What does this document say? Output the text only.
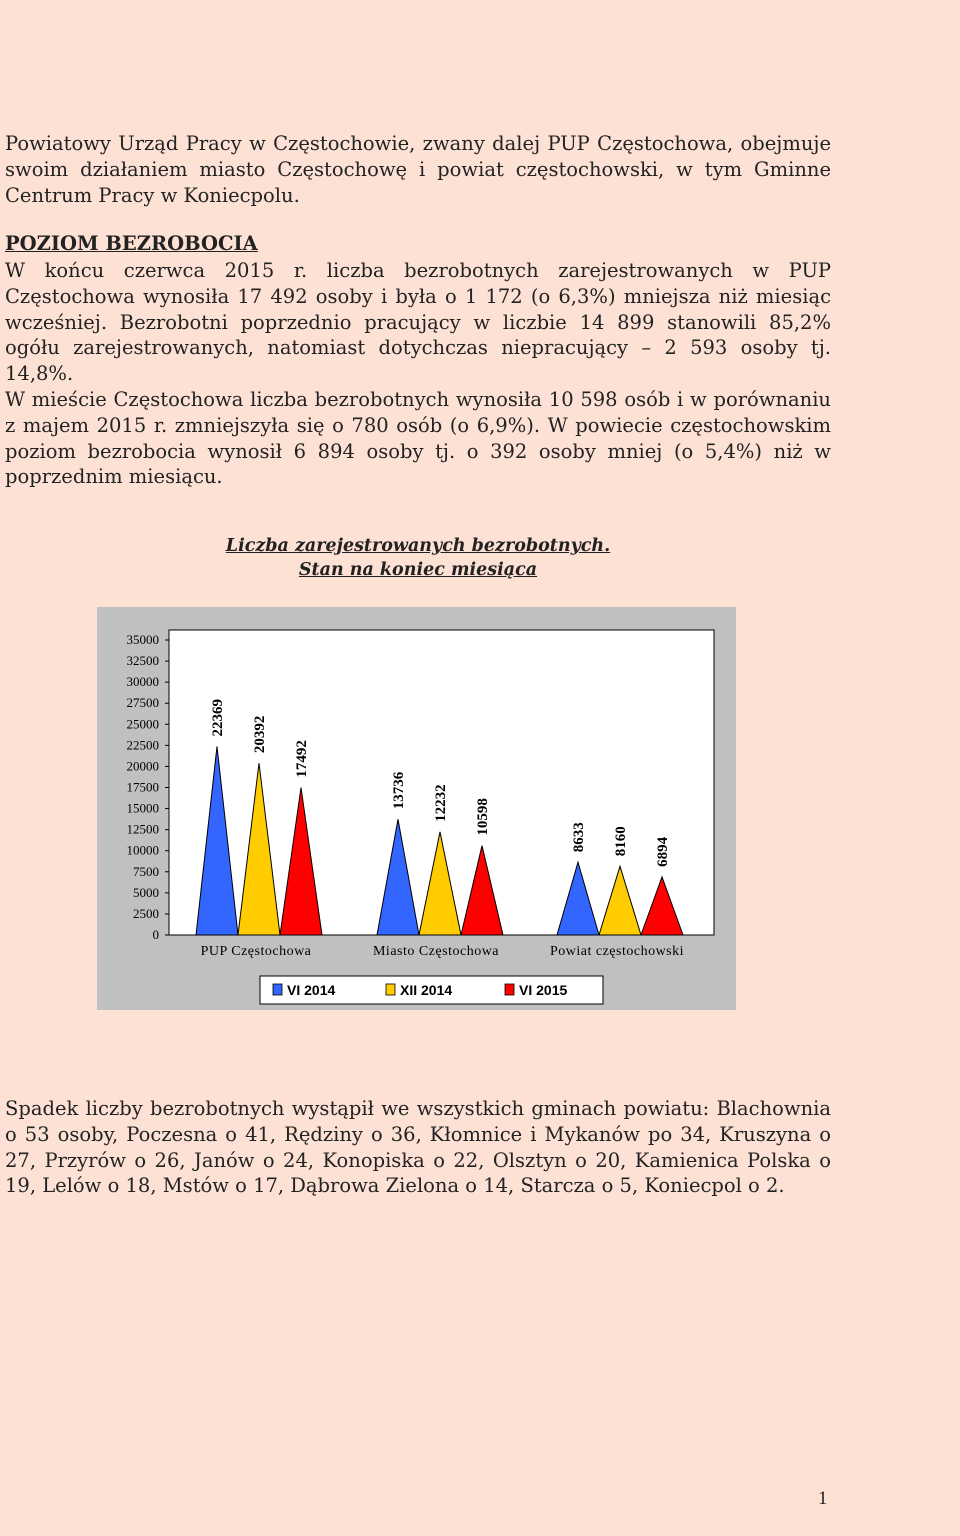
Powiatowy Urząd Pracy w Częstochowie, zwany dalej PUP Częstochowa, obejmuje swoim działaniem miasto Częstochowę i powiat częstochowski, w tym Gminne Centrum Pracy w Koniecpolu.

POZIOM BEZROBOCIA

W końcu czerwca 2015 r. liczba bezrobotnych zarejestrowanych w PUP Częstochowa wynosiła 17 492 osoby i była o 1 172 (o 6,3%) mniejsza niż miesiąc wcześniej. Bezrobotni poprzednio pracujący w liczbie 14 899 stanowili 85,2% ogółu zarejestrowanych, natomiast dotychczas niepracujący – 2 593 osoby tj. 14,8%.

W mieście Częstochowa liczba bezrobotnych wynosiła 10 598 osób i w porównaniu z majem 2015 r. zmniejszyła się o 780 osób (o 6,9%). W powiecie częstochowskim poziom bezrobocia wynosił 6 894 osoby tj. o 392 osoby mniej (o 5,4%) niż w poprzednim miesiącu.

Liczba zarejestrowanych bezrobotnych.

Stan na koniec miesiąca

0
2500
5000
7500
10000
12500
15000
17500
20000
22500
25000
27500
30000
32500
35000
22369 20392
17492
13736 12232 10598
8633 8160 6894
PUP Częstochowa	Miasto Częstochowa	Powiat częstochowski
VI 2014	XII 2014	VI 2015

Spadek liczby bezrobotnych wystąpił we wszystkich gminach powiatu: Blachownia o 53 osoby, Poczesna o 41, Rędziny o 36, Kłomnice i Mykanów po 34, Kruszyna o 27, Przyrów o 26, Janów o 24, Konopiska o 22, Olsztyn o 20, Kamienica Polska o 19, Lelów o 18, Mstów o 17, Dąbrowa Zielona o 14, Starcza o 5, Koniecpol o 2.

1
